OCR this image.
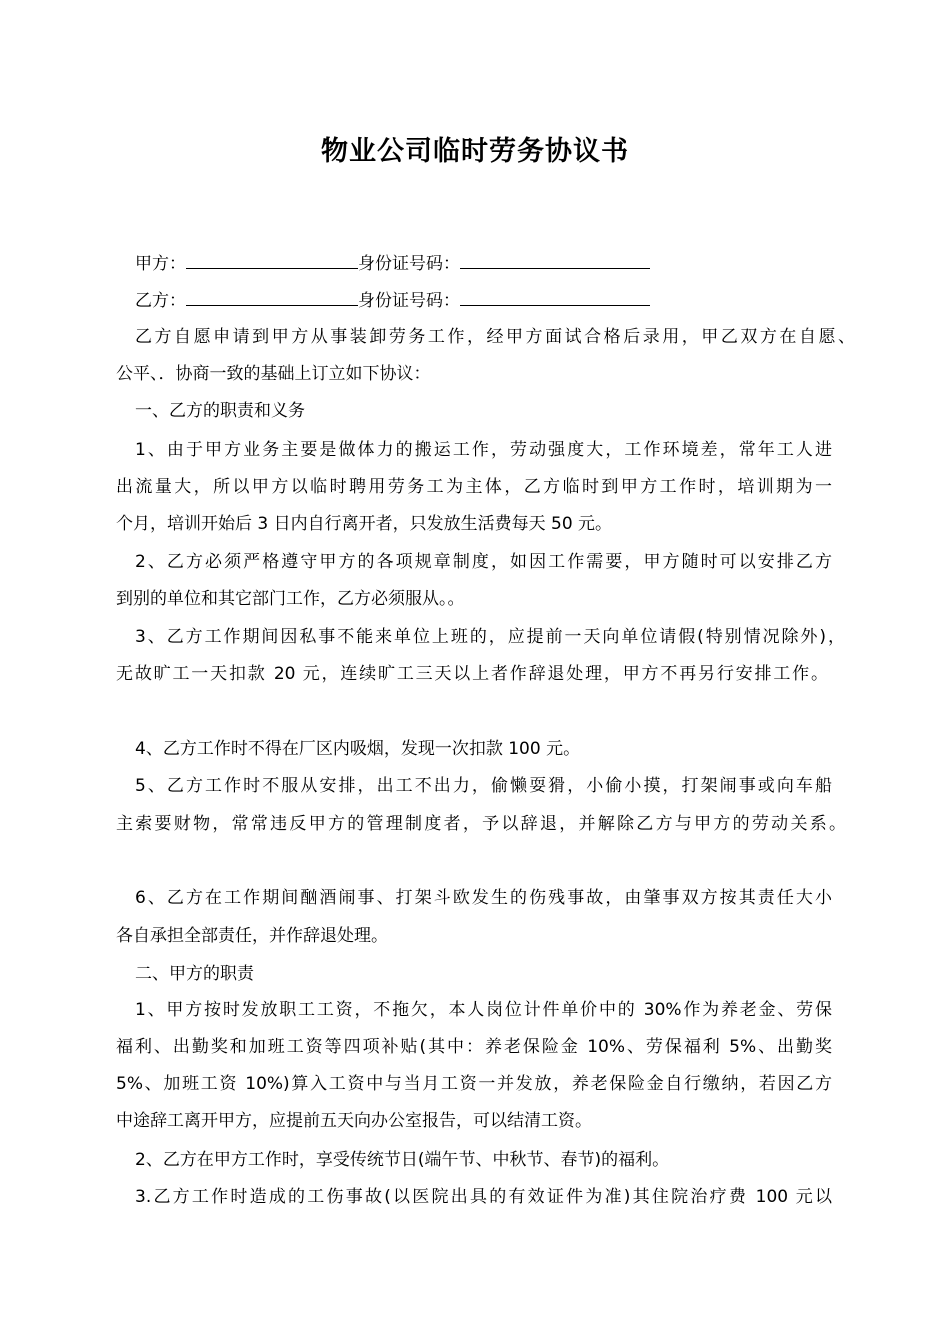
物业公司临时劳务协议书

甲方：	身份证号码：

乙方：	身份证号码：

乙方自愿申请到甲方从事装卸劳务工作，经甲方面试合格后录用，甲乙双方在自愿、

公平、．协商一致的基础上订立如下协议：

一、乙方的职责和义务

1、由于甲方业务主要是做体力的搬运工作，劳动强度大，工作环境差，常年工人进

出流量大，所以甲方以临时聘用劳务工为主体，乙方临时到甲方工作时，培训期为一

个月，培训开始后 3 日内自行离开者，只发放生活费每天 50 元。

2、乙方必须严格遵守甲方的各项规章制度，如因工作需要，甲方随时可以安排乙方

到别的单位和其它部门工作，乙方必须服从。。

3、乙方工作期间因私事不能来单位上班的，应提前一天向单位请假(特别情况除外)，

无故旷工一天扣款 20 元，连续旷工三天以上者作辞退处理，甲方不再另行安排工作。

4、乙方工作时不得在厂区内吸烟，发现一次扣款 100 元。

5、乙方工作时不服从安排，出工不出力，偷懒耍猾，小偷小摸，打架闹事或向车船

主索要财物，常常违反甲方的管理制度者，予以辞退，并解除乙方与甲方的劳动关系。

6、乙方在工作期间酗酒闹事、打架斗欧发生的伤残事故，由肇事双方按其责任大小

各自承担全部责任，并作辞退处理。

二、甲方的职责

1、甲方按时发放职工工资，不拖欠，本人岗位计件单价中的 30%作为养老金、劳保

福利、出勤奖和加班工资等四项补贴(其中：养老保险金 10%、劳保福利 5%、出勤奖

5%、加班工资 10%)算入工资中与当月工资一并发放，养老保险金自行缴纳，若因乙方

中途辞工离开甲方，应提前五天向办公室报告，可以结清工资。

2、乙方在甲方工作时，享受传统节日(端午节、中秋节、春节)的福利。

3.乙方工作时造成的工伤事故(以医院出具的有效证件为准)其住院治疗费 100 元以
